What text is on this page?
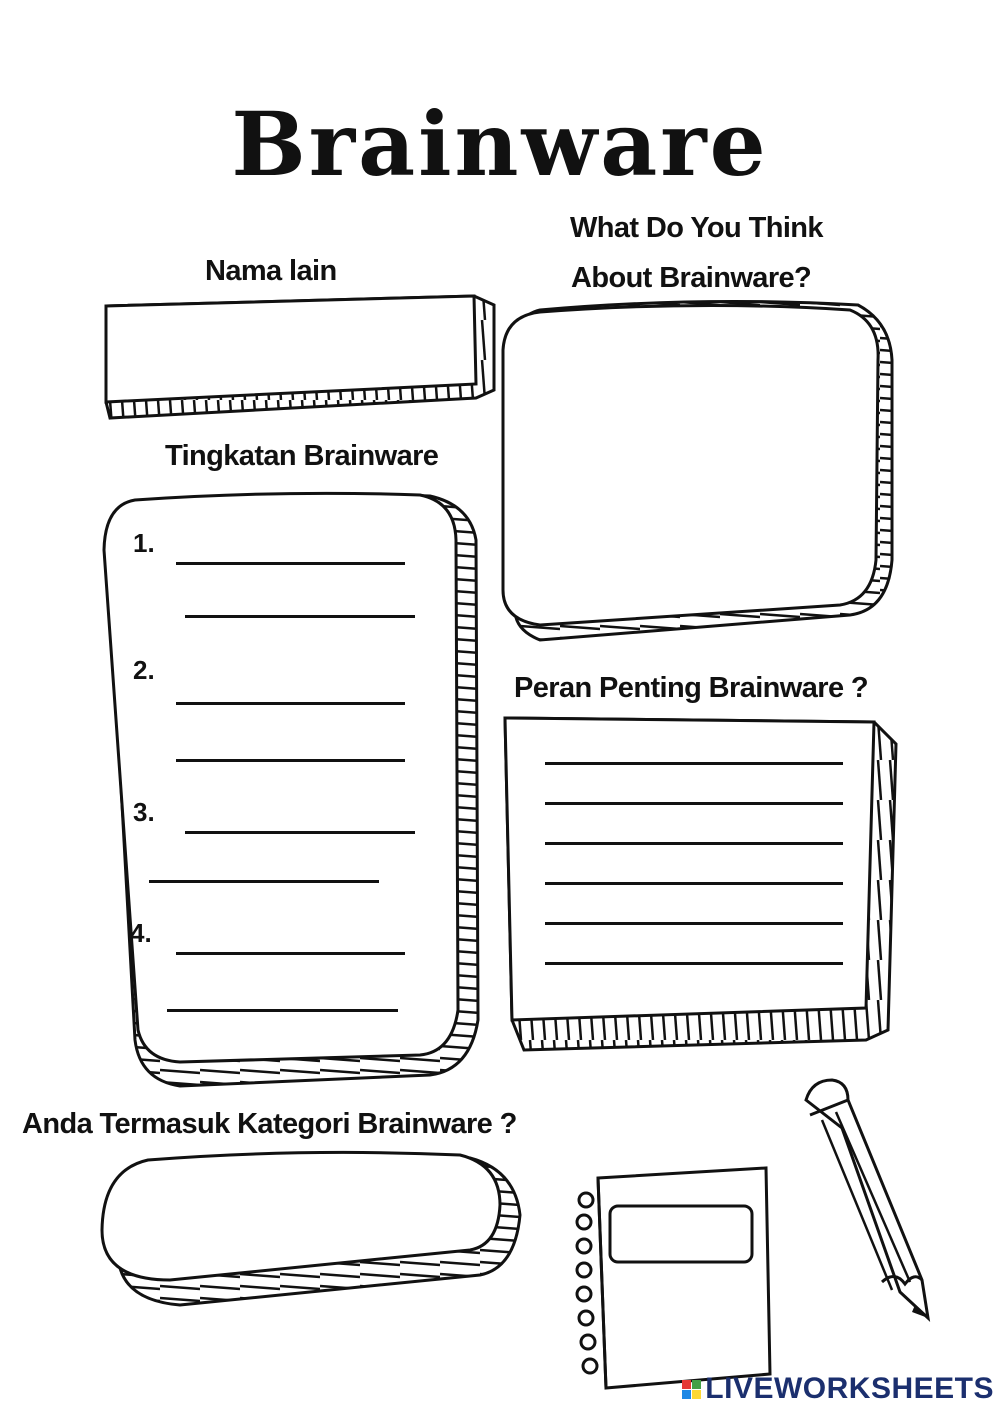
Brainware
Nama lain
What Do You Think
About Brainware?
Tingkatan Brainware
Peran Penting Brainware ?
Anda Termasuk Kategori Brainware ?
1.
2.
3.
4.
LIVEWORKSHEETS
